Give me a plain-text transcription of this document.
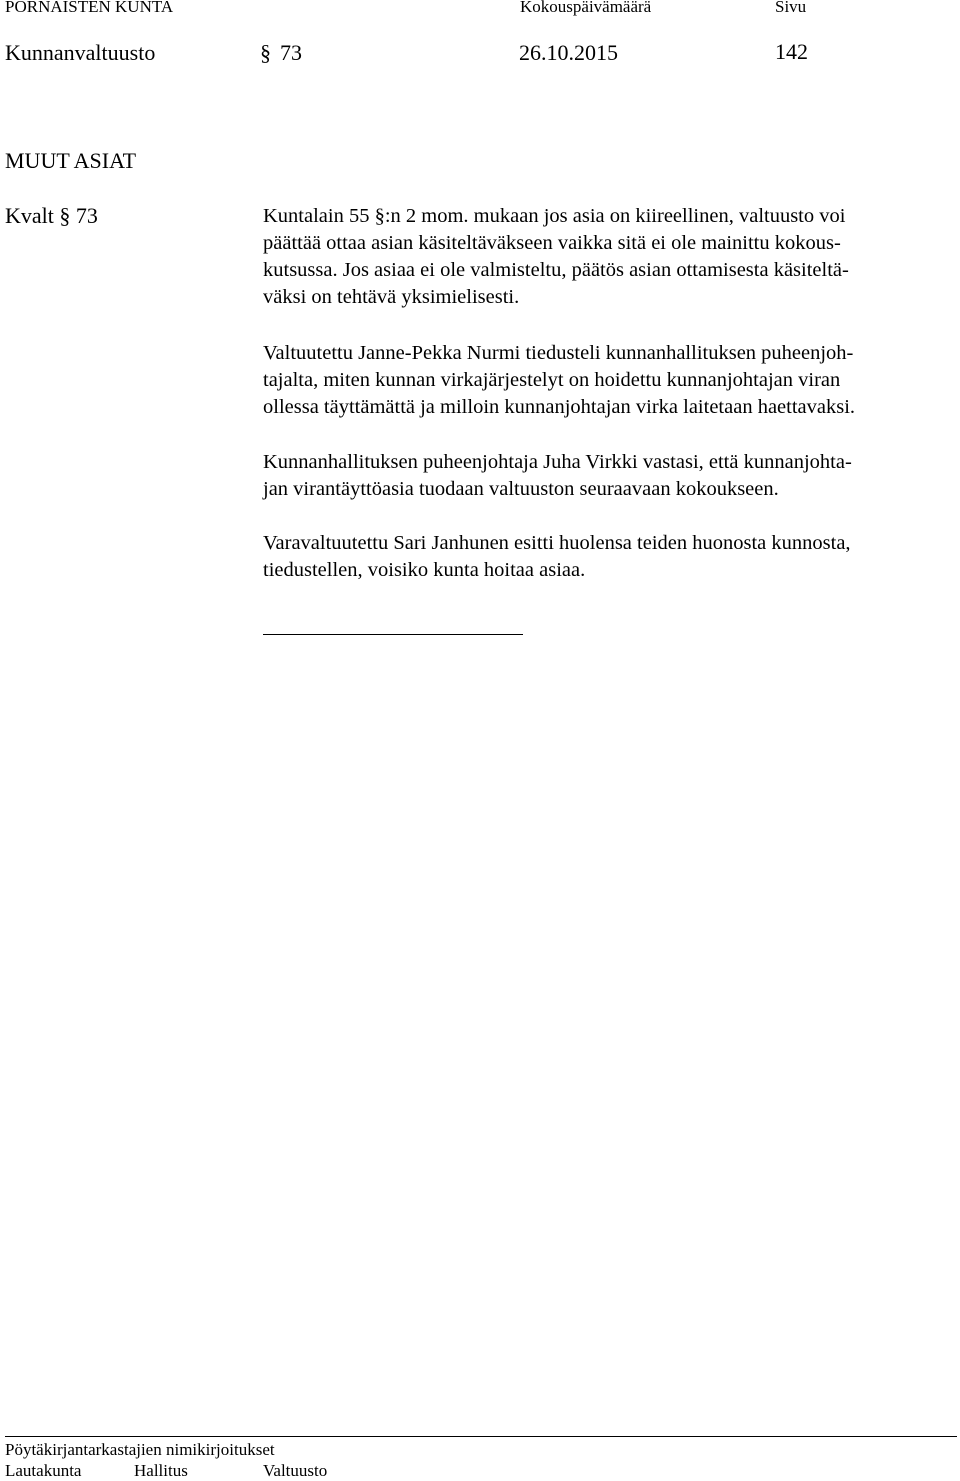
PORNAISTEN KUNTA	Kokouspäivämäärä	Sivu
Kunnanvaltuusto	§ 73	26.10.2015	142
MUUT ASIAT
Kvalt § 73	Kuntalain 55 §:n 2 mom. mukaan jos asia on kiireellinen, valtuusto voi
päättää ottaa asian käsiteltäväkseen vaikka sitä ei ole mainittu kokous-
kutsussa. Jos asiaa ei ole valmisteltu, päätös asian ottamisesta käsiteltä-
väksi on tehtävä yksimielisesti.
Valtuutettu Janne-Pekka Nurmi tiedusteli kunnanhallituksen puheenjoh-
tajalta, miten kunnan virkajärjestelyt on hoidettu kunnanjohtajan viran
ollessa täyttämättä ja milloin kunnanjohtajan virka laitetaan haettavaksi.
Kunnanhallituksen puheenjohtaja Juha Virkki vastasi, että kunnanjohta-
jan virantäyttöasia tuodaan valtuuston seuraavaan kokoukseen.
Varavaltuutettu Sari Janhunen esitti huolensa teiden huonosta kunnosta,
tiedustellen, voisiko kunta hoitaa asiaa.
Pöytäkirjantarkastajien nimikirjoitukset
Lautakunta	Hallitus	Valtuusto
